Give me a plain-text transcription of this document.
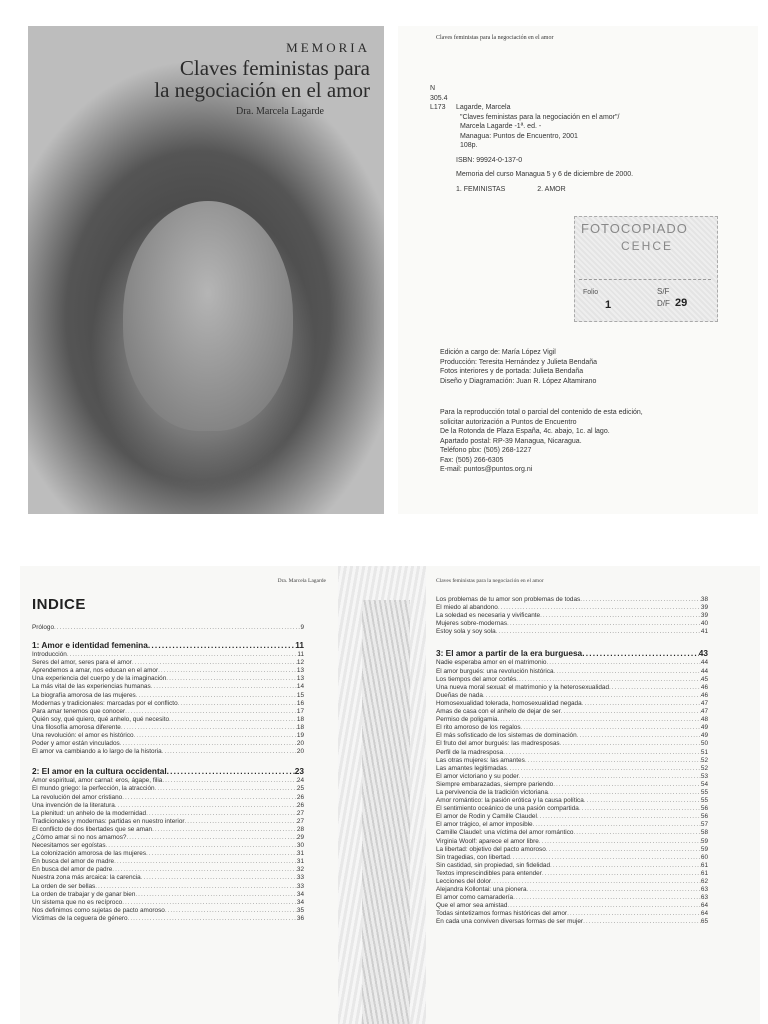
MEMORIA
Claves feministas para
la negociación en el amor
Dra. Marcela Lagarde
Claves feministas para la negociación en el amor
N
305.4
L173 Lagarde, Marcela
"Claves feministas para la negociación en el amor"/
Marcela Lagarde -1ª. ed. -
Managua: Puntos de Encuentro, 2001
108p.
ISBN: 99924-0-137-0
Memoria del curso Managua 5 y 6 de diciembre de 2000.
1. FEMINISTAS	2. AMOR
Edición a cargo de: María López Vigil
Producción: Teresita Hernández y Julieta Bendaña
Fotos interiores y de portada: Julieta Bendaña
Diseño y Diagramación: Juan R. López Altamirano
Para la reproducción total o parcial del contenido de esta edición,
solicitar autorización a Puntos de Encuentro
De la Rotonda de Plaza España, 4c. abajo, 1c. al lago.
Apartado postal: RP-39 Managua, Nicaragua.
Teléfono pbx: (505) 268-1227
Fax: (505) 266-6305
E-mail: puntos@puntos.org.ni
FOTOCOPIADO
CEHCE
Folio
1
S/F
D/F 29
Dra. Marcela Lagarde
INDICE
Prólogo .....	9
1: Amor e identidad femenina .....	11
Introducción .....	11
Seres del amor, seres para el amor .....	12
Aprendemos a amar, nos educan en el amor .....	13
Una experiencia del cuerpo y de la imaginación .....	13
La más vital de las experiencias humanas .....	14
La biografía amorosa de las mujeres .....	15
Modernas y tradicionales: marcadas por el conflicto .....	16
Para amar tenemos que conocer .....	17
Quién soy, qué quiero, qué anhelo, qué necesito .....	18
Una filosofía amorosa diferente .....	18
Una revolución: el amor es histórico .....	19
Poder y amor están vinculados .....	20
El amor va cambiando a lo largo de la historia .....	20
2: El amor en la cultura occidental .....	23
Amor espiritual, amor carnal: eros, ágape, filia .....	24
El mundo griego: la perfección, la atracción .....	25
La revolución del amor cristiano .....	26
Una invención de la literatura .....	26
La plenitud: un anhelo de la modernidad .....	27
Tradicionales y modernas: partidas en nuestro interior .....	27
El conflicto de dos libertades que se aman .....	28
¿Cómo amar si no nos amamos? .....	29
Necesitamos ser egoístas .....	30
La colonización amorosa de las mujeres .....	31
En busca del amor de madre .....	31
En busca del amor de padre .....	32
Nuestra zona más arcaica: la carencia .....	33
La orden de ser bellas .....	33
La orden de trabajar y de ganar bien .....	34
Un sistema que no es recíproco .....	34
Nos definimos como sujetas de pacto amoroso .....	35
Víctimas de la ceguera de género .....	36
Claves feministas para la negociación en el amor
Los problemas de tu amor son problemas de todas .....	38
El miedo al abandono .....	39
La soledad es necesaria y vivificante .....	39
Mujeres sobre-modernas .....	40
Estoy sola y soy sola .....	41
3: El amor a partir de la era burguesa .....	43
Nadie esperaba amor en el matrimonio .....	44
El amor burgués: una revolución histórica .....	44
Los tiempos del amor cortés .....	45
Una nueva moral sexual: el matrimonio y la heterosexualidad .....	46
Dueñas de nada .....	46
Homosexualidad tolerada, homosexualidad negada .....	47
Amas de casa con el anhelo de dejar de ser .....	47
Permiso de poligamia .....	48
El rito amoroso de los regalos .....	49
El más sofisticado de los sistemas de dominación .....	49
El fruto del amor burgués: las madresposas .....	50
Perfil de la madresposa .....	51
Las otras mujeres: las amantes .....	52
Las amantes legitimadas .....	52
El amor victoriano y su poder .....	53
Siempre embarazadas, siempre pariendo .....	54
La pervivencia de la tradición victoriana .....	55
Amor romántico: la pasión erótica y la causa política .....	55
El sentimiento oceánico de una pasión compartida .....	56
El amor de Rodin y Camille Claudel .....	56
El amor trágico, el amor imposible .....	57
Camille Claudel: una víctima del amor romántico .....	58
Virginia Woolf: aparece el amor libre .....	59
La libertad: objetivo del pacto amoroso .....	59
Sin tragedias, con libertad .....	60
Sin castidad, sin propiedad, sin fidelidad .....	61
Textos imprescindibles para entender .....	61
Lecciones del dolor .....	62
Alejandra Kollontai: una pionera .....	63
El amor como camaradería .....	63
Que el amor sea amistad .....	64
Todas sintetizamos formas históricas del amor .....	64
En cada una conviven diversas formas de ser mujer .....	65
